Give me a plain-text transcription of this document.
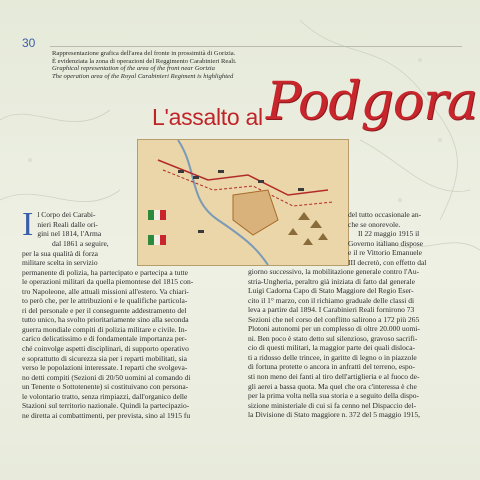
30
Rappresentazione grafica dell'area del fronte in prossimità di Gorizia.
È evidenziata la zona di operazioni del Reggimento Carabinieri Reali.
Graphical representation of the area of the front near Gorizia
The operation area of the Royal Carabinieri Regiment is highlighted
L'assalto al Podgora
I l Corpo dei Carabi-
nieri Reali dalle ori-
gini nel 1814, l'Arma
dal 1861 a seguire,
per la sua qualità di forza
militare scelta in servizio
permanente di polizia, ha partecipato e partecipa a tutte
le operazioni militari da quella piemontese del 1815 con-
tro Napoleone, alle attuali missioni all'estero. Va chiari-
to però che, per le attribuzioni e le qualifiche particola-
ri del personale e per il conseguente addestramento del
tutto unico, ha svolto prioritariamente sino alla seconda
guerra mondiale compiti di polizia militare e civile. In-
carico delicatissimo e di fondamentale importanza per-
ché coinvolge aspetti disciplinari, di supporto operativo
e soprattutto di sicurezza sia per i reparti mobilitati, sia
verso le popolazioni interessate. I reparti che svolgeva-
no detti compiti (Sezioni di 20/50 uomini al comando di
un Tenente o Sottotenente) si costituivano con persona-
le volontario tratto, senza rimpiazzi, dall'organico delle
Stazioni sul territorio nazionale. Quindi la partecipazio-
ne diretta ai combattimenti, per prevista, sino al 1915 fu
del tutto occasionale an-
che se onorevole.
Il 22 maggio 1915 il
Governo italiano dispose
e il re Vittorio Emanuele
III decretò, con effetto dal
giorno successivo, la mobilitazione generale contro l'Au-
stria-Ungheria, peraltro già iniziata di fatto dal generale
Luigi Cadorna Capo di Stato Maggiore del Regio Eser-
cito il 1° marzo, con il richiamo graduale delle classi di
leva a partire dal 1894. I Carabinieri Reali fornirono 73
Sezioni che nel corso del conflitto salirono a 172 più 265
Plotoni autonomi per un complesso di oltre 20.000 uomi-
ni. Ben poco è stato detto sul silenzioso, gravoso sacrifi-
cio di questi militari, la maggior parte dei quali disloca-
ti a ridosso delle trincee, in garitte di legno o in piazzole
di fortuna protette o ancora in anfratti del terreno, espo-
sti non meno dei fanti al tiro dell'artiglieria e al fuoco de-
gli aerei a bassa quota. Ma quel che ora c'interessa è che
per la prima volta nella sua storia e a seguito della dispo-
sizione ministeriale di cui si fa cenno nel Dispaccio del-
la Divisione di Stato maggiore n. 372 del 5 maggio 1915,
